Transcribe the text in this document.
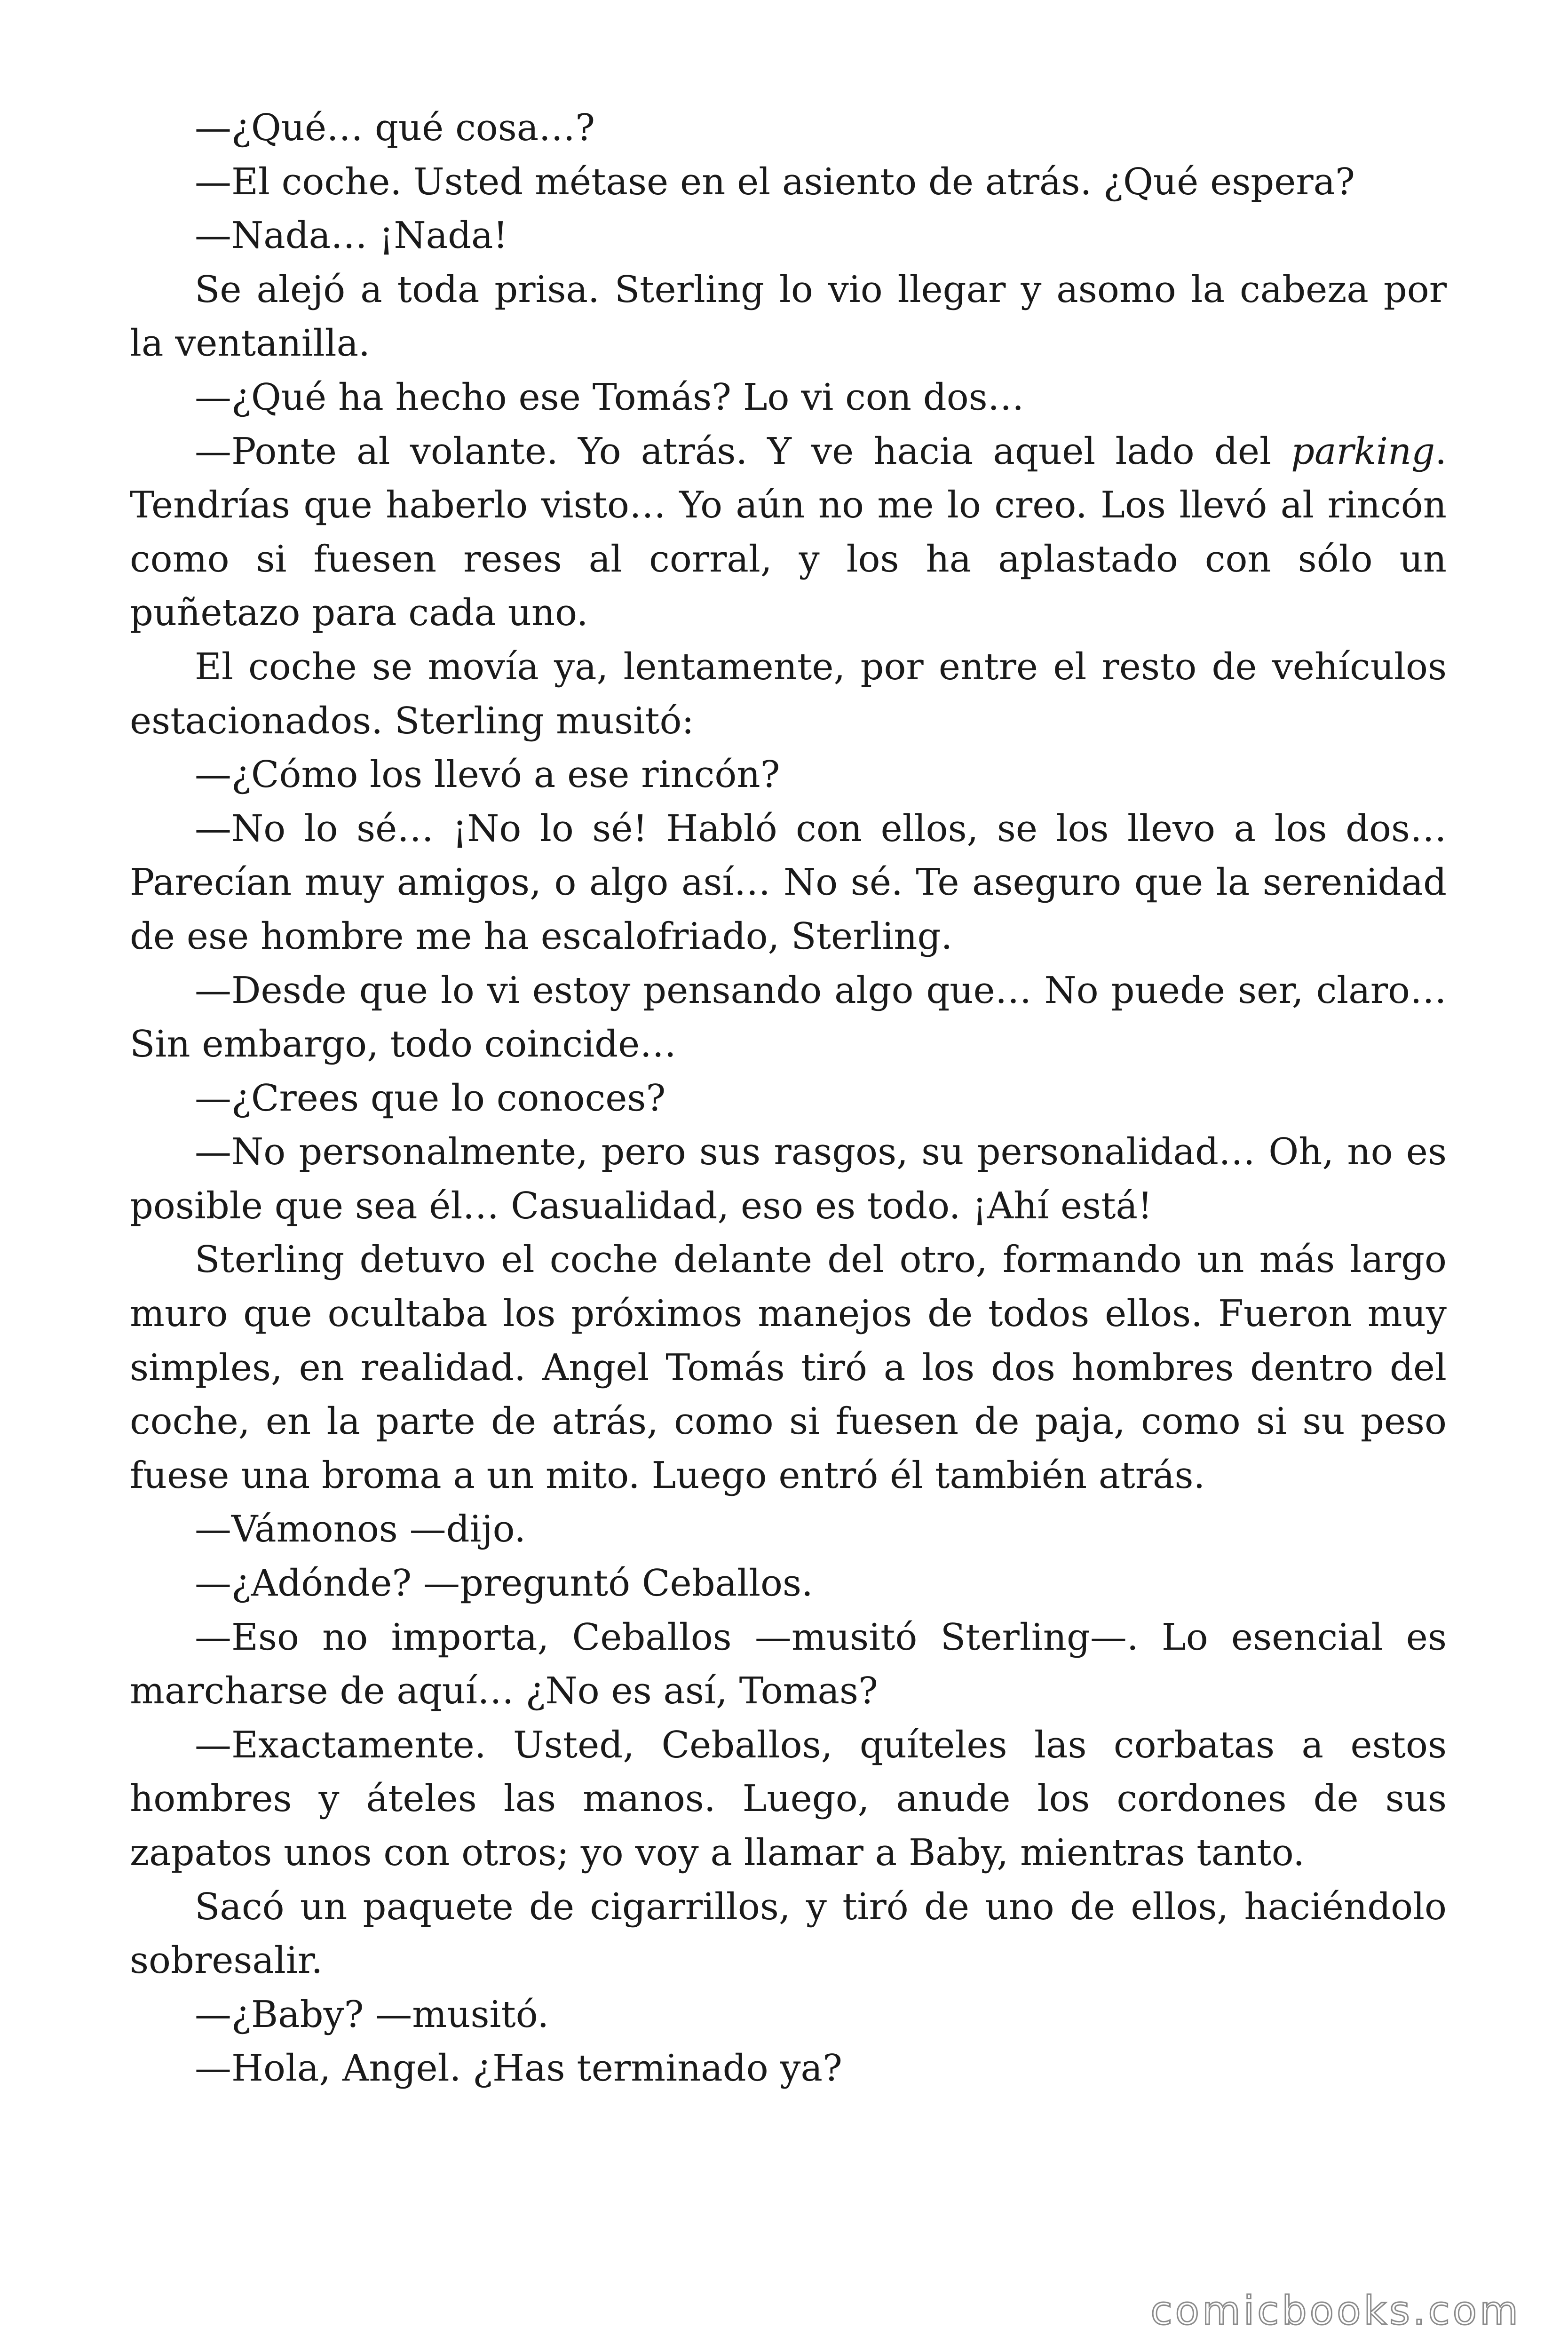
—¿Qué… qué cosa…?

—El coche. Usted métase en el asiento de atrás. ¿Qué espera?

—Nada… ¡Nada!

Se alejó a toda prisa. Sterling lo vio llegar y asomo la cabeza por la ventanilla.

—¿Qué ha hecho ese Tomás? Lo vi con dos…

—Ponte al volante. Yo atrás. Y ve hacia aquel lado del parking. Tendrías que haberlo visto… Yo aún no me lo creo. Los llevó al rincón como si fuesen reses al corral, y los ha aplastado con sólo un puñetazo para cada uno.

El coche se movía ya, lentamente, por entre el resto de vehículos estacionados. Sterling musitó:

—¿Cómo los llevó a ese rincón?

—No lo sé… ¡No lo sé! Habló con ellos, se los llevo a los dos… Parecían muy amigos, o algo así… No sé. Te aseguro que la serenidad de ese hombre me ha escalofriado, Sterling.

—Desde que lo vi estoy pensando algo que… No puede ser, claro… Sin embargo, todo coincide…

—¿Crees que lo conoces?

—No personalmente, pero sus rasgos, su personalidad… Oh, no es posible que sea él… Casualidad, eso es todo. ¡Ahí está!

Sterling detuvo el coche delante del otro, formando un más largo muro que ocultaba los próximos manejos de todos ellos. Fueron muy simples, en realidad. Angel Tomás tiró a los dos hombres dentro del coche, en la parte de atrás, como si fuesen de paja, como si su peso fuese una broma a un mito. Luego entró él también atrás.

—Vámonos —dijo.

—¿Adónde? —preguntó Ceballos.

—Eso no importa, Ceballos —musitó Sterling—. Lo esencial es marcharse de aquí… ¿No es así, Tomas?

—Exactamente. Usted, Ceballos, quíteles las corbatas a estos hombres y áteles las manos. Luego, anude los cordones de sus zapatos unos con otros; yo voy a llamar a Baby, mientras tanto.

Sacó un paquete de cigarrillos, y tiró de uno de ellos, haciéndolo sobresalir.

—¿Baby? —musitó.

—Hola, Angel. ¿Has terminado ya?

comicbooks.com
